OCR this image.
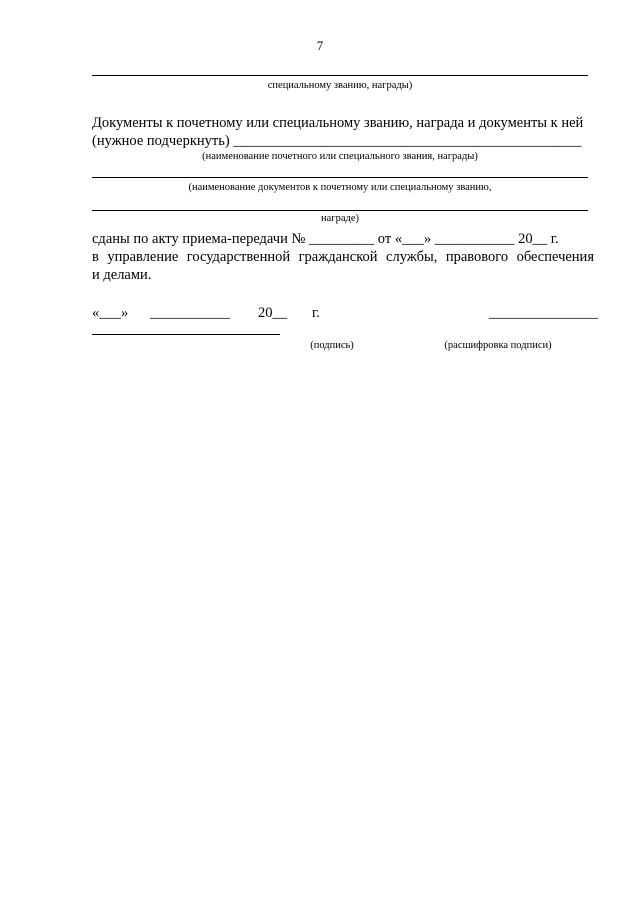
7
специальному званию, награды)
Документы к почетному или специальному званию, награда и документы к ней
(нужное подчеркнуть) ________________________________________________
(наименование почетного или специального звания, награды)
(наименование документов к почетному или специальному званию,
награде)
сданы по акту приема-передачи № _________ от «___» ___________ 20__ г.
в управление государственной гражданской службы, правового обеспечения
и делами.
«___» ___________ 20__ г.	_______________
(подпись)	(расшифровка подписи)
